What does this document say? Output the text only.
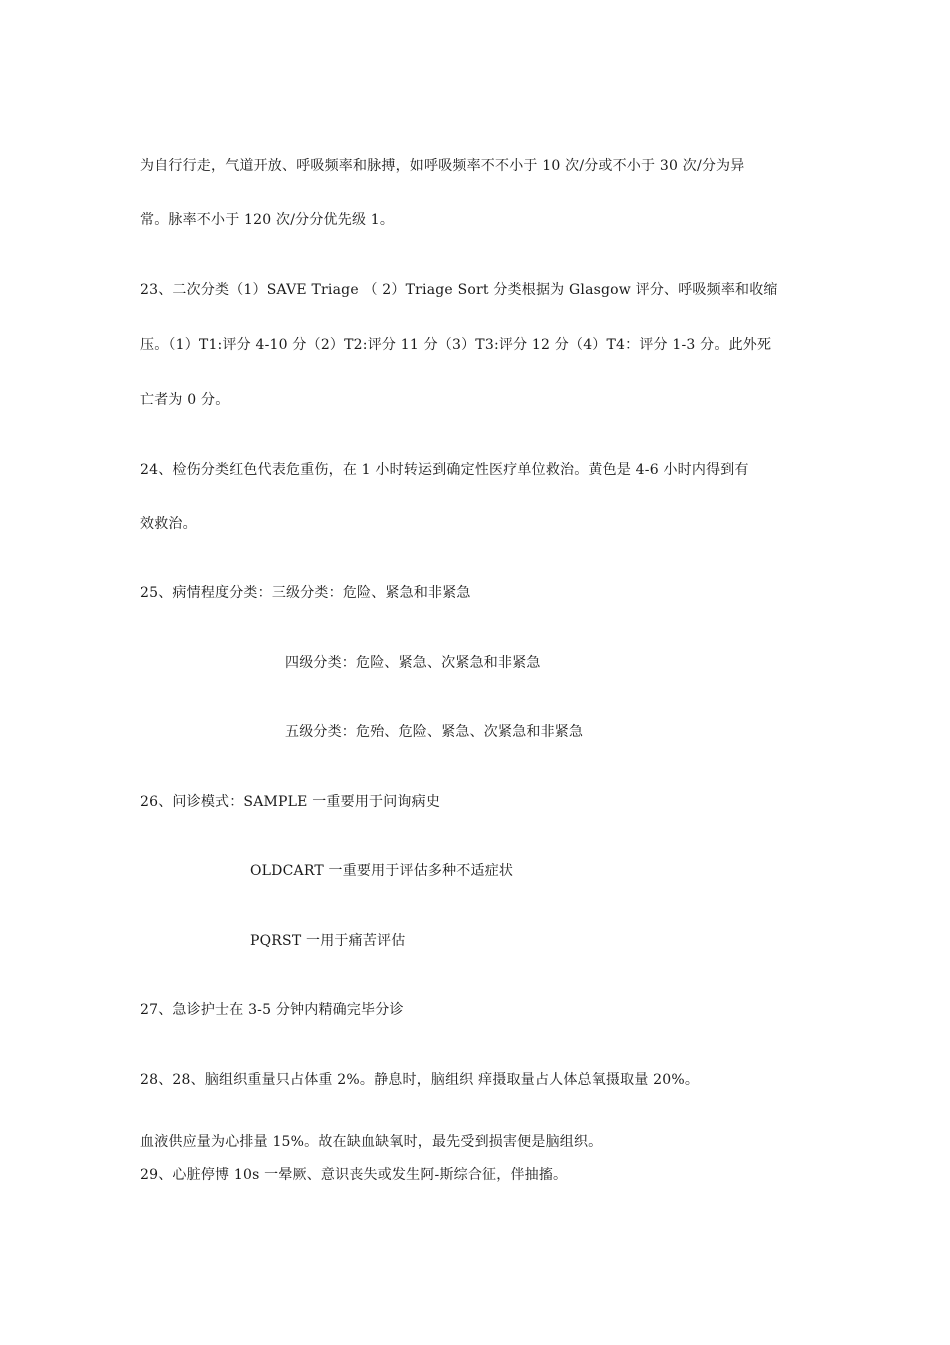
为自行行走，气道开放、呼吸频率和脉搏，如呼吸频率不不小于 10 次/分或不小于 30 次/分为异
常。脉率不小于 120 次/分分优先级 1。
23、二次分类（1）SAVE Triage （ 2）Triage Sort 分类根据为 Glasgow 评分、呼吸频率和收缩
压。（1）T1:评分 4-10 分（2）T2:评分 11 分（3）T3:评分 12 分（4）T4：评分 1-3 分。此外死
亡者为 0 分。
24、检伤分类红色代表危重伤，在 1 小时转运到确定性医疗单位救治。黄色是 4-6 小时内得到有
效救治。
25、病情程度分类：三级分类：危险、紧急和非紧急
四级分类：危险、紧急、次紧急和非紧急
五级分类：危殆、危险、紧急、次紧急和非紧急
26、问诊模式：SAMPLE 一重要用于问询病史
OLDCART 一重要用于评估多种不适症状
PQRST 一用于痛苦评估
27、急诊护士在 3-5 分钟内精确完毕分诊
28、28、脑组织重量只占体重 2%。静息时，脑组织 痒摄取量占人体总氧摄取量 20%。
血液供应量为心排量 15%。故在缺血缺氧时，最先受到损害便是脑组织。
29、心脏停博 10s 一晕厥、意识丧失或发生阿-斯综合征，伴抽搐。
